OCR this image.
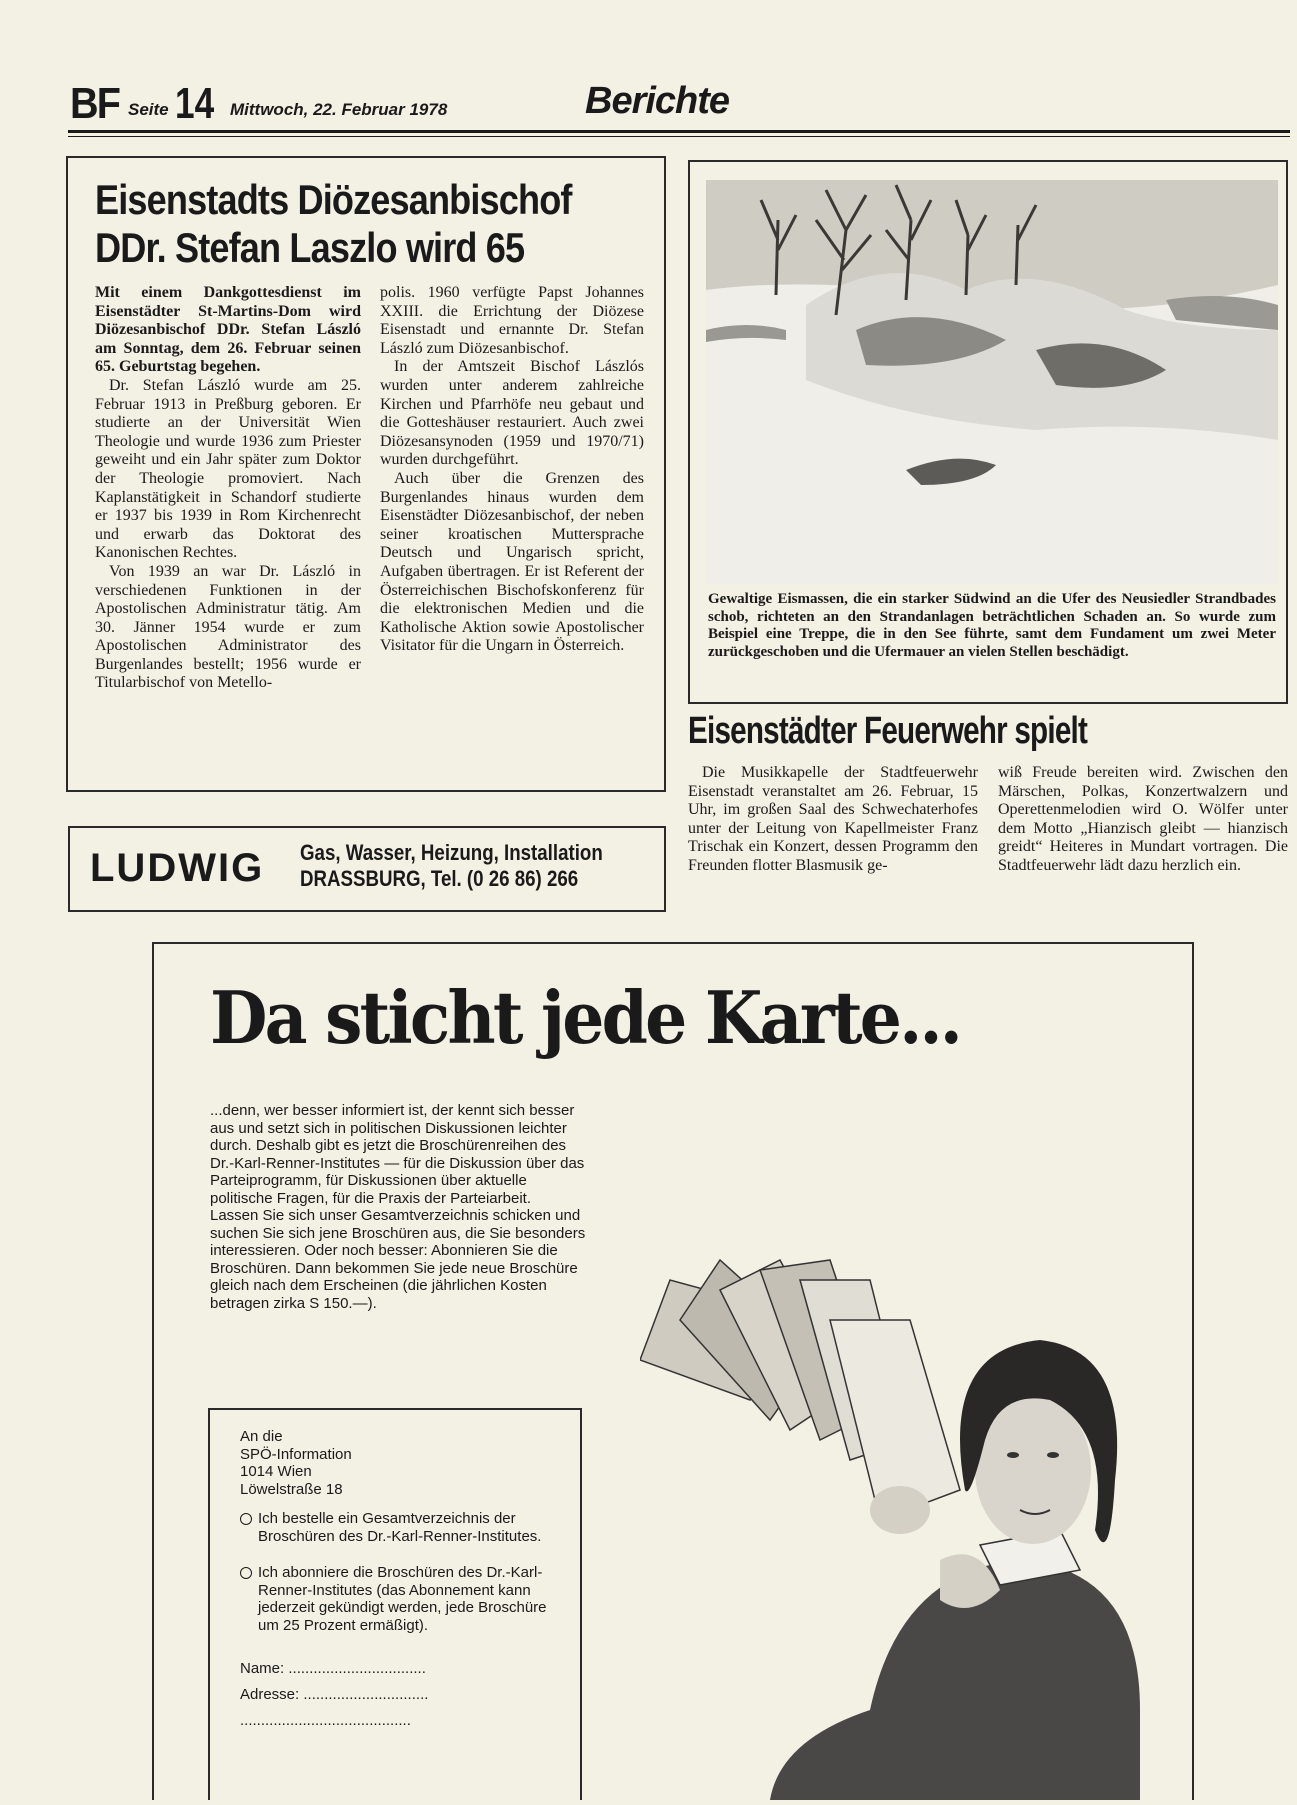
BF Seite 14 Mittwoch, 22. Februar 1978	Berichte
Eisenstadts Diözesanbischof
DDr. Stefan Laszlo wird 65

Mit einem Dankgottesdienst im Eisenstädter St-Martins-Dom wird Diözesanbischof DDr. Stefan László am Sonntag, dem 26. Februar seinen 65. Geburtstag begehen.

Dr. Stefan László wurde am 25. Februar 1913 in Preßburg geboren. Er studierte an der Universität Wien Theologie und wurde 1936 zum Priester geweiht und ein Jahr später zum Doktor der Theologie promoviert. Nach Kaplanstätigkeit in Schandorf studierte er 1937 bis 1939 in Rom Kirchenrecht und erwarb das Doktorat des Kanonischen Rechtes.

Von 1939 an war Dr. László in verschiedenen Funktionen in der Apostolischen Administratur tätig. Am 30. Jänner 1954 wurde er zum Apostolischen Administrator des Burgenlandes bestellt; 1956 wurde er Titularbischof von Metello-

polis. 1960 verfügte Papst Johannes XXIII. die Errichtung der Diözese Eisenstadt und ernannte Dr. Stefan László zum Diözesanbischof.

In der Amtszeit Bischof Lászlós wurden unter anderem zahlreiche Kirchen und Pfarrhöfe neu gebaut und die Gotteshäuser restauriert. Auch zwei Diözesansynoden (1959 und 1970/71) wurden durchgeführt.

Auch über die Grenzen des Burgenlandes hinaus wurden dem Eisenstädter Diözesanbischof, der neben seiner kroatischen Muttersprache Deutsch und Ungarisch spricht, Aufgaben übertragen. Er ist Referent der Österreichischen Bischofskonferenz für die elektronischen Medien und die Katholische Aktion sowie Apostolischer Visitator für die Ungarn in Österreich.

Gewaltige Eismassen, die ein starker Südwind an die Ufer des Neusiedler Strandbades schob, richteten an den Strandanlagen beträchtlichen Schaden an. So wurde zum Beispiel eine Treppe, die in den See führte, samt dem Fundament um zwei Meter zurückgeschoben und die Ufermauer an vielen Stellen beschädigt.
Eisenstädter Feuerwehr spielt

Die Musikkapelle der Stadtfeuerwehr Eisenstadt veranstaltet am 26. Februar, 15 Uhr, im großen Saal des Schwechaterhofes unter der Leitung von Kapellmeister Franz Trischak ein Konzert, dessen Programm den Freunden flotter Blasmusik ge-

wiß Freude bereiten wird. Zwischen den Märschen, Polkas, Konzertwalzern und Operettenmelodien wird O. Wölfer unter dem Motto „Hianzisch gleibt — hianzisch greidt“ Heiteres in Mundart vortragen. Die Stadtfeuerwehr lädt dazu herzlich ein.

LUDWIG Gas, Wasser, Heizung, Installation
DRASSBURG, Tel. (0 26 86) 266
Da sticht jede Karte...

...denn, wer besser informiert ist, der kennt sich besser aus und setzt sich in politischen Diskussionen leichter durch. Deshalb gibt es jetzt die Broschürenreihen des Dr.-Karl-Renner-Institutes — für die Diskussion über das Parteiprogramm, für Diskussionen über aktuelle politische Fragen, für die Praxis der Parteiarbeit.

Lassen Sie sich unser Gesamtverzeichnis schicken und suchen Sie sich jene Broschüren aus, die Sie besonders interessieren. Oder noch besser: Abonnieren Sie die Broschüren. Dann bekommen Sie jede neue Broschüre gleich nach dem Erscheinen (die jährlichen Kosten betragen zirka S 150.—).

An die
SPÖ-Information
1014 Wien
Löwelstraße 18
Ich bestelle ein Gesamtverzeichnis der Broschüren des Dr.-Karl-Renner-Institutes.
Ich abonniere die Broschüren des Dr.-Karl-Renner-Institutes (das Abonnement kann jederzeit gekündigt werden, jede Broschüre um 25 Prozent ermäßigt).
Name: .................................
Adresse: ..............................
.........................................
